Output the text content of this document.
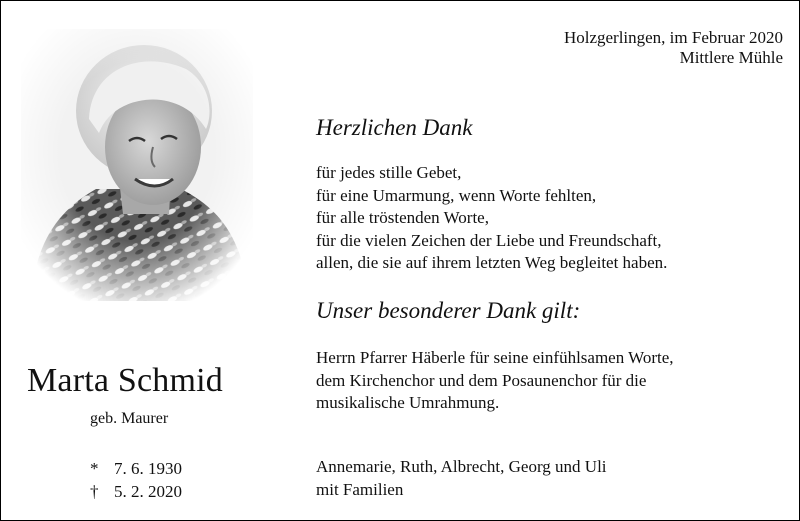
Holzgerlingen, im Februar 2020
Mittlere Mühle
Marta Schmid
geb. Maurer
* 7. 6. 1930
† 5. 2. 2020
Herzlichen Dank
für jedes stille Gebet,
für eine Umarmung, wenn Worte fehlten,
für alle tröstenden Worte,
für die vielen Zeichen der Liebe und Freundschaft,
allen, die sie auf ihrem letzten Weg begleitet haben.
Unser besonderer Dank gilt:
Herrn Pfarrer Häberle für seine einfühlsamen Worte,
dem Kirchenchor und dem Posaunenchor für die
musikalische Umrahmung.
Annemarie, Ruth, Albrecht, Georg und Uli
mit Familien
